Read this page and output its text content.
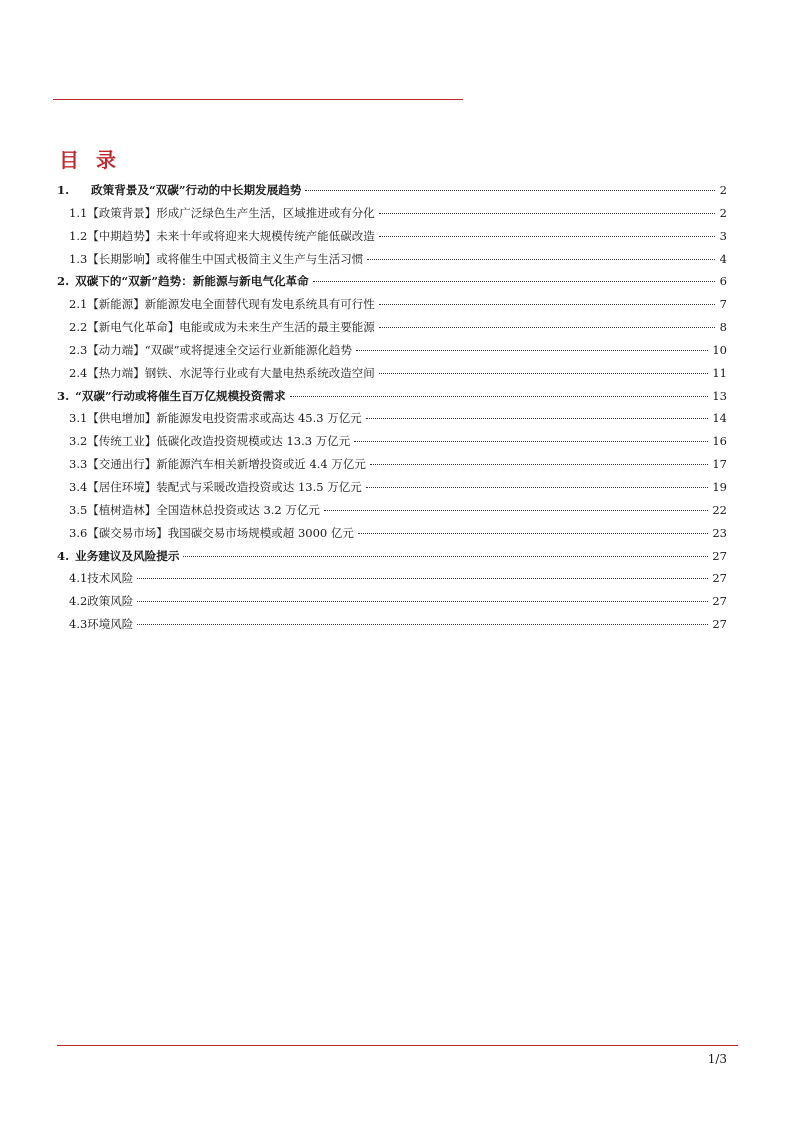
目 录
1.	政策背景及“双碳”行动的中长期发展趋势	2
1.1 【政策背景】形成广泛绿色生产生活，区域推进或有分化	2
1.2 【中期趋势】未来十年或将迎来大规模传统产能低碳改造	3
1.3 【长期影响】或将催生中国式极简主义生产与生活习惯	4
2. 双碳下的“双新”趋势：新能源与新电气化革命	6
2.1 【新能源】新能源发电全面替代现有发电系统具有可行性	7
2.2 【新电气化革命】电能或成为未来生产生活的最主要能源	8
2.3 【动力端】“双碳”或将提速全交运行业新能源化趋势	10
2.4 【热力端】钢铁、水泥等行业或有大量电热系统改造空间	11
3. “双碳”行动或将催生百万亿规模投资需求	13
3.1 【供电增加】新能源发电投资需求或高达 45.3 万亿元	14
3.2 【传统工业】低碳化改造投资规模或达 13.3 万亿元	16
3.3 【交通出行】新能源汽车相关新增投资或近 4.4 万亿元	17
3.4 【居住环境】装配式与采暖改造投资或达 13.5 万亿元	19
3.5 【植树造林】全国造林总投资或达 3.2 万亿元	22
3.6 【碳交易市场】我国碳交易市场规模或超 3000 亿元	23
4. 业务建议及风险提示	27
4.1 技术风险	27
4.2 政策风险	27
4.3 环境风险	27
1/3
